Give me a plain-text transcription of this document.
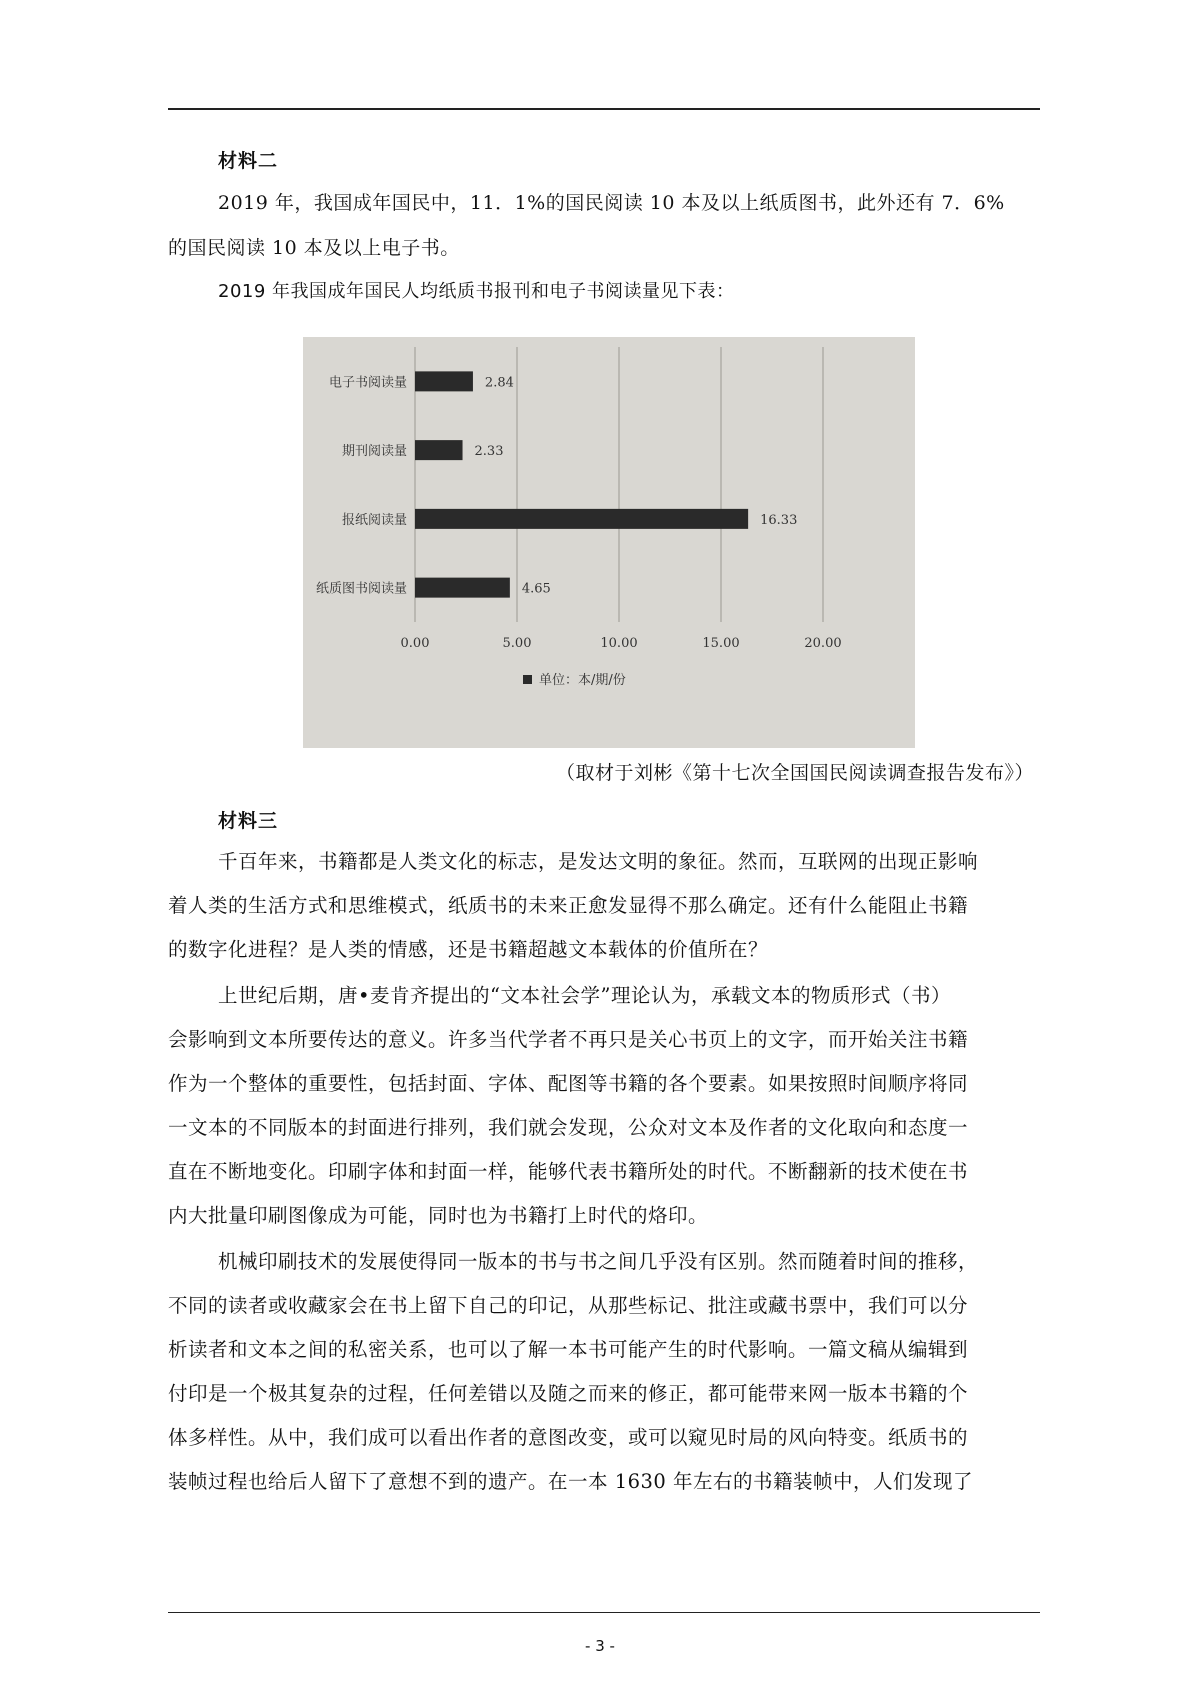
材料二
2019 年，我国成年国民中，11．1%的国民阅读 10 本及以上纸质图书，此外还有 7．6%
的国民阅读 10 本及以上电子书。
2019 年我国成年国民人均纸质书报刊和电子书阅读量见下表：
0.00	5.00	10.00	15.00	20.00
电子书阅读量	2.84
期刊阅读量	2.33
报纸阅读量	16.33
纸质图书阅读量	4.65
单位：本/期/份
（取材于刘彬《第十七次全国国民阅读调查报告发布》）
材料三
千百年来，书籍都是人类文化的标志，是发达文明的象征。然而，互联网的出现正影响
着人类的生活方式和思维模式，纸质书的未来正愈发显得不那么确定。还有什么能阻止书籍
的数字化进程？是人类的情感，还是书籍超越文本载体的价值所在？
上世纪后期，唐•麦肯齐提出的“文本社会学”理论认为，承载文本的物质形式（书）
会影响到文本所要传达的意义。许多当代学者不再只是关心书页上的文字，而开始关注书籍
作为一个整体的重要性，包括封面、字体、配图等书籍的各个要素。如果按照时间顺序将同
一文本的不同版本的封面进行排列，我们就会发现，公众对文本及作者的文化取向和态度一
直在不断地变化。印刷字体和封面一样，能够代表书籍所处的时代。不断翻新的技术使在书
内大批量印刷图像成为可能，同时也为书籍打上时代的烙印。
机械印刷技术的发展使得同一版本的书与书之间几乎没有区别。然而随着时间的推移，
不同的读者或收藏家会在书上留下自己的印记，从那些标记、批注或藏书票中，我们可以分
析读者和文本之间的私密关系，也可以了解一本书可能产生的时代影响。一篇文稿从编辑到
付印是一个极其复杂的过程，任何差错以及随之而来的修正，都可能带来网一版本书籍的个
体多样性。从中，我们成可以看出作者的意图改变，或可以窥见时局的风向特变。纸质书的
装帧过程也给后人留下了意想不到的遗产。在一本 1630 年左右的书籍装帧中，人们发现了
- 3 -
